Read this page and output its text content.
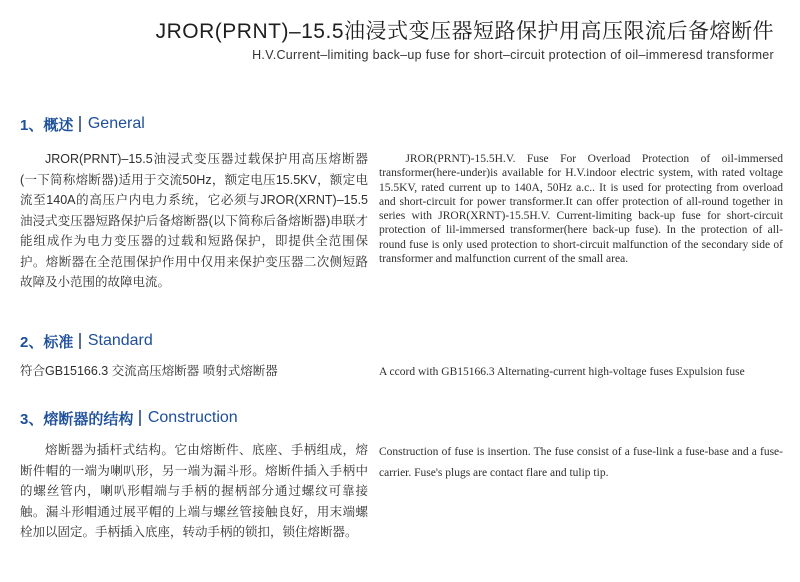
JROR(PRNT)–15.5油浸式变压器短路保护用高压限流后备熔断件
H.V.Current–limiting back–up fuse for short–circuit protection of oil–immeresd transformer
1、概述 General
JROR(PRNT)–15.5油浸式变压器过载保护用高压熔断器(一下简称熔断器)适用于交流50Hz，额定电压15.5KV，额定电流至140A的高压户内电力系统，它必须与JROR(XRNT)–15.5油浸式变压器短路保护后备熔断器(以下简称后备熔断器)串联才能组成作为电力变压器的过载和短路保护，即提供全范围保护。熔断器在全范围保护作用中仅用来保护变压器二次侧短路故障及小范围的故障电流。
JROR(PRNT)-15.5H.V. Fuse For Overload Protection of oil-immersed transformer(here-under)is available for H.V.indoor electric system, with rated voltage 15.5KV, rated current up to 140A, 50Hz a.c.. It is used for protecting from overload and short-circuit for power transformer.It can offer protection of all-round together in series with JROR(XRNT)-15.5H.V. Current-limiting back-up fuse for short-circuit protection of lil-immersed transformer(here back-up fuse). In the protection of all-round fuse is only used protection to short-circuit malfunction of the secondary side of transformer and malfunction current of the small area.
2、标准 Standard
符合GB15166.3 交流高压熔断器 喷射式熔断器	A ccord with GB15166.3 Alternating-current high-voltage fuses Expulsion fuse
3、熔断器的结构 Construction
熔断器为插杆式结构。它由熔断件、底座、手柄组成，熔断件帽的一端为喇叭形，另一端为漏斗形。熔断件插入手柄中的螺丝管内，喇叭形帽端与手柄的握柄部分通过螺纹可靠接触。漏斗形帽通过展平帽的上端与螺丝管接触良好，用末端螺栓加以固定。手柄插入底座，转动手柄的锁扣，锁住熔断器。
Construction of fuse is insertion. The fuse consist of a fuse-link a fuse-base and a fuse-carrier. Fuse's plugs are contact flare and tulip tip.
